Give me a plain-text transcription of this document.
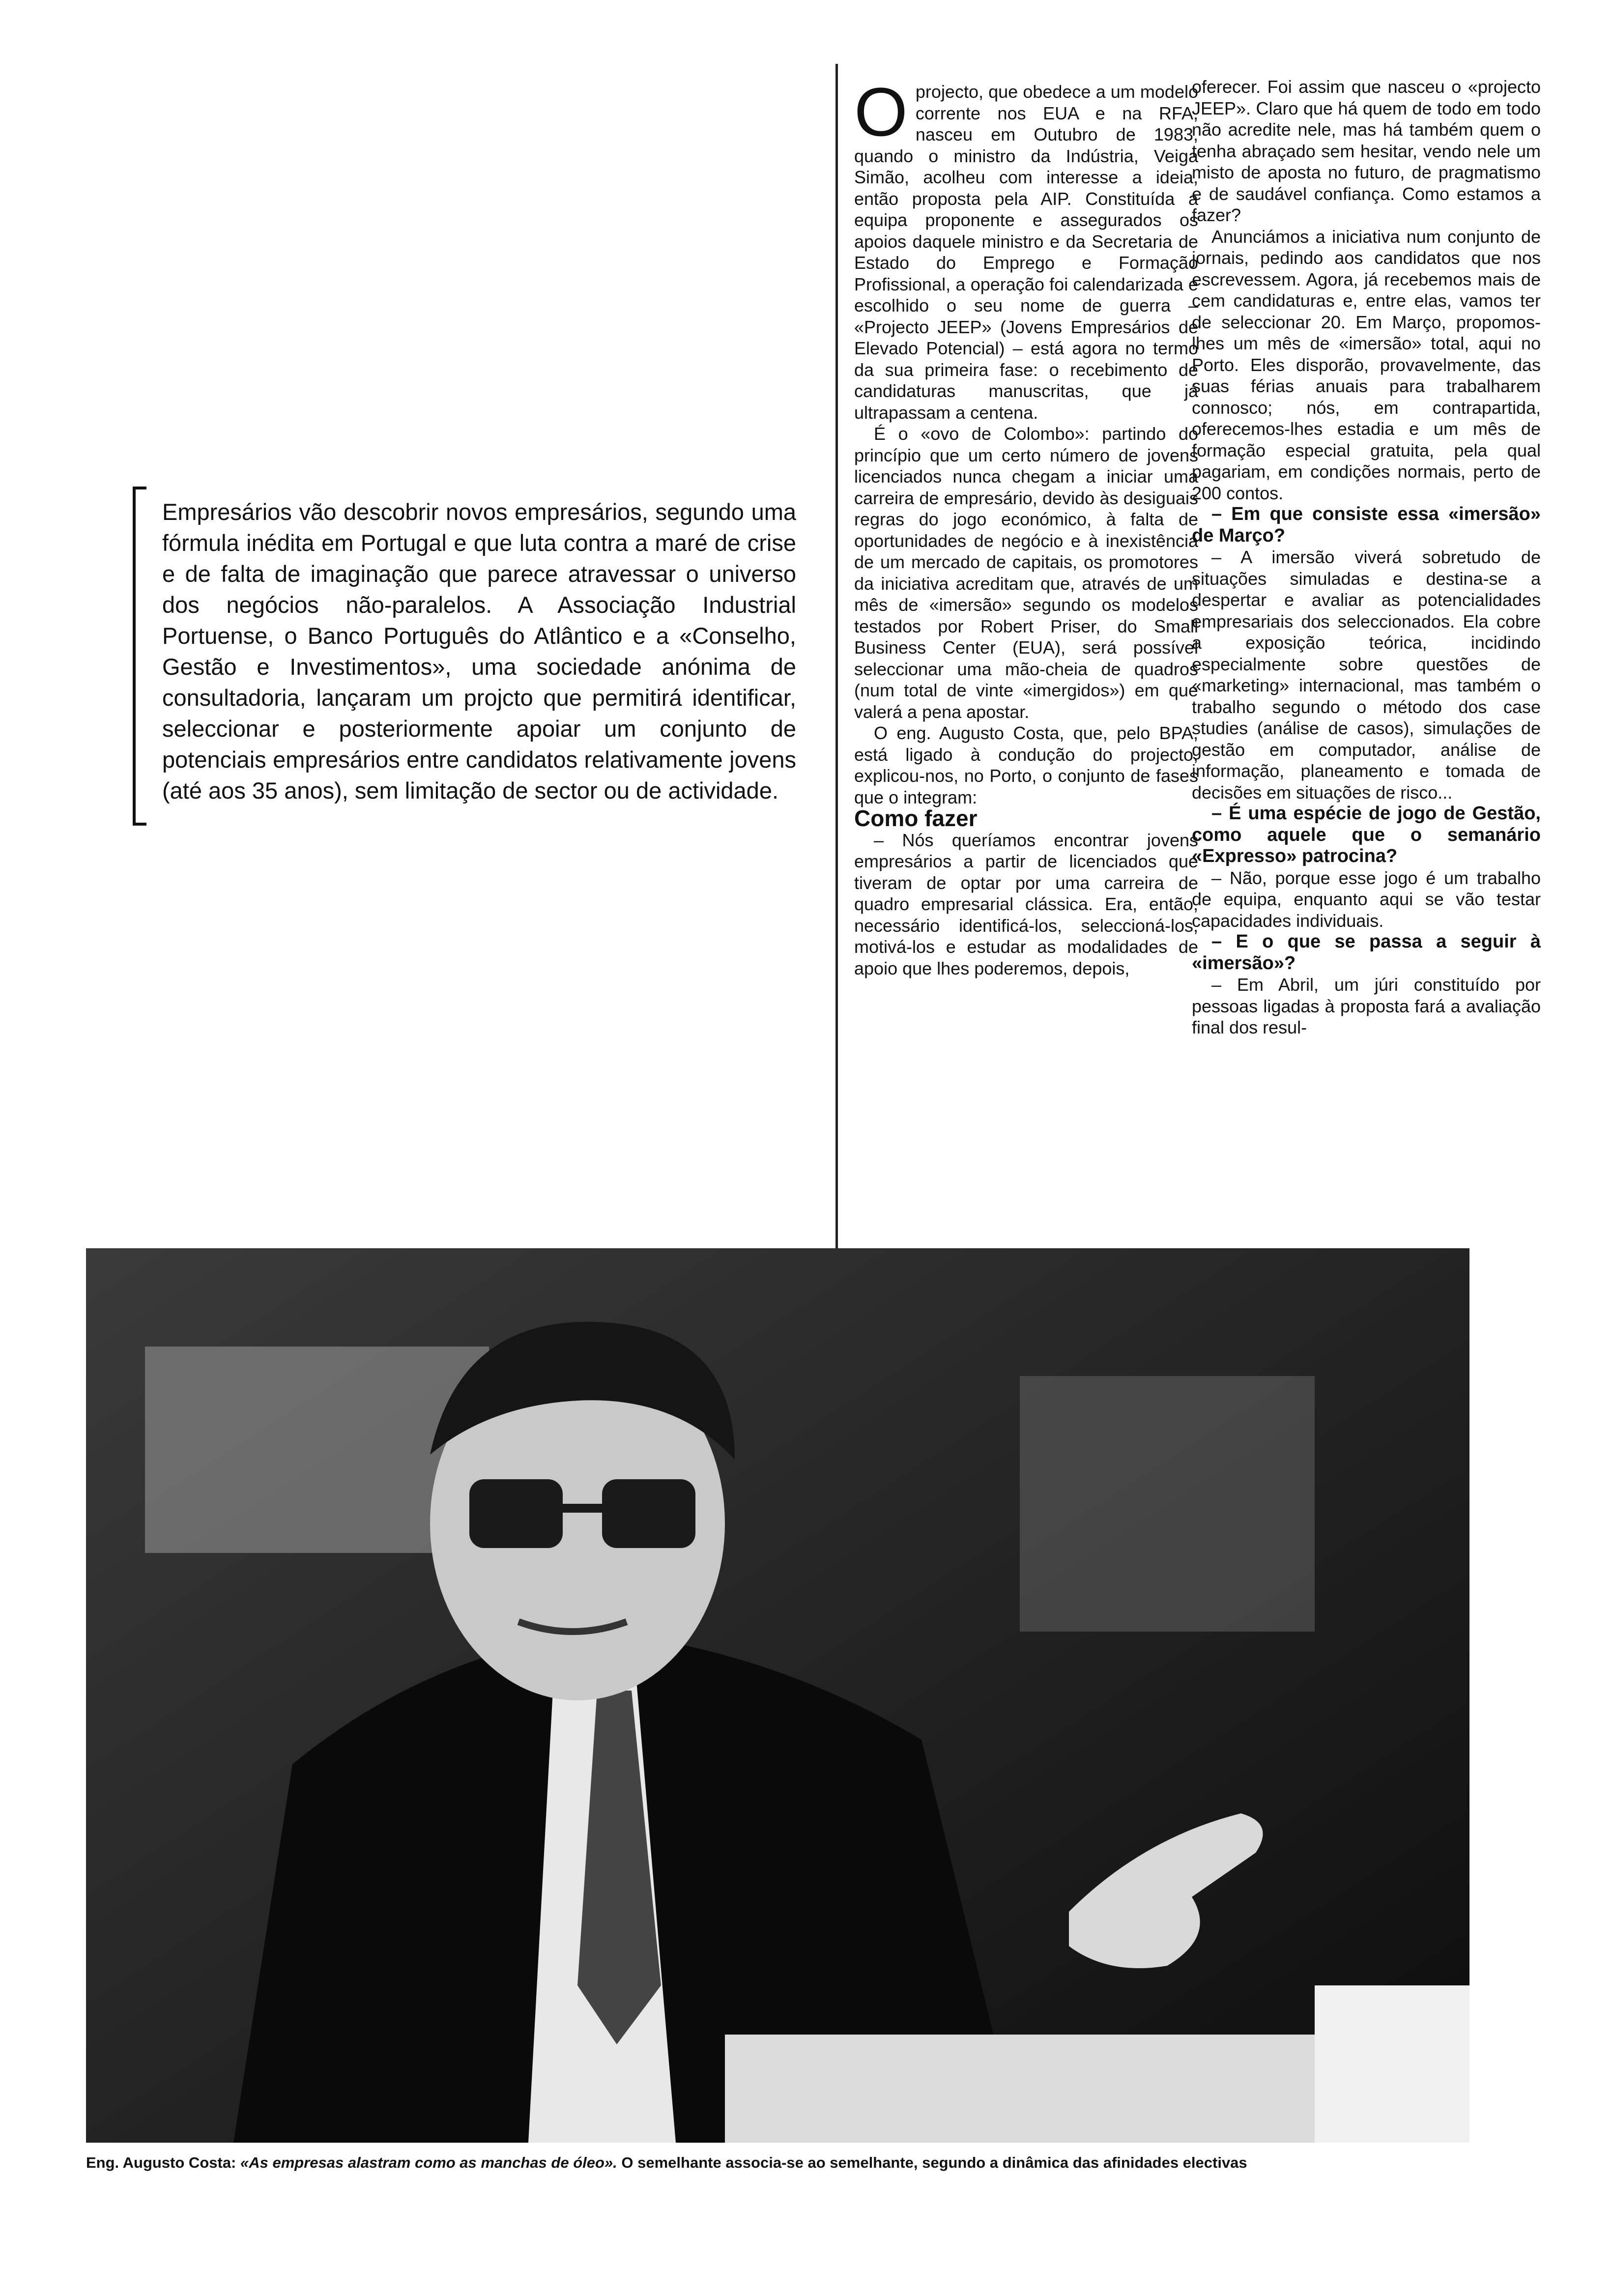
Empresários vão descobrir novos empresários, segundo uma fórmula inédita em Portugal e que luta contra a maré de crise e de falta de imaginação que parece atravessar o universo dos negócios não-paralelos. A Associação Industrial Portuense, o Banco Português do Atlântico e a «Conselho, Gestão e Investimentos», uma sociedade anónima de consultadoria, lançaram um projcto que permitirá identificar, seleccionar e posteriormente apoiar um conjunto de potenciais empresários entre candidatos relativamente jovens (até aos 35 anos), sem limitação de sector ou de actividade.

Oprojecto, que obedece a um modelo corrente nos EUA e na RFA, nasceu em Outubro de 1983, quando o ministro da Indústria, Veiga Simão, acolheu com interesse a ideia, então proposta pela AIP. Constituída a equipa proponente e assegurados os apoios daquele ministro e da Secretaria de Estado do Emprego e Formação Profissional, a operação foi calendarizada e escolhido o seu nome de guerra – «Projecto JEEP» (Jovens Empresários de Elevado Potencial) – está agora no termo da sua primeira fase: o recebimento de candidaturas manuscritas, que já ultrapassam a centena.

É o «ovo de Colombo»: partindo do princípio que um certo número de jovens licenciados nunca chegam a iniciar uma carreira de empresário, devido às desiguais regras do jogo económico, à falta de oportunidades de negócio e à inexistência de um mercado de capitais, os promotores da iniciativa acreditam que, através de um mês de «imersão» segundo os modelos testados por Robert Priser, do Small Business Center (EUA), será possível seleccionar uma mão-cheia de quadros (num total de vinte «imergidos») em que valerá a pena apostar.

O eng. Augusto Costa, que, pelo BPA, está ligado à condução do projecto, explicou-nos, no Porto, o conjunto de fases que o integram:

Como fazer

– Nós queríamos encontrar jovens empresários a partir de licenciados que tiveram de optar por uma carreira de quadro empresarial clássica. Era, então, necessário identificá-los, seleccioná-los, motivá-los e estudar as modalidades de apoio que lhes poderemos, depois,

oferecer. Foi assim que nasceu o «projecto JEEP». Claro que há quem de todo em todo não acredite nele, mas há também quem o tenha abraçado sem hesitar, vendo nele um misto de aposta no futuro, de pragmatismo e de saudável confiança. Como estamos a fazer?

Anunciámos a iniciativa num conjunto de jornais, pedindo aos candidatos que nos escrevessem. Agora, já recebemos mais de cem candidaturas e, entre elas, vamos ter de seleccionar 20. Em Março, propomos-lhes um mês de «imersão» total, aqui no Porto. Eles disporão, provavelmente, das suas férias anuais para trabalharem connosco; nós, em contrapartida, oferecemos-lhes estadia e um mês de formação especial gratuita, pela qual pagariam, em condições normais, perto de 200 contos.

– Em que consiste essa «imersão» de Março?

– A imersão viverá sobretudo de situações simuladas e destina-se a despertar e avaliar as potencialidades empresariais dos seleccionados. Ela cobre a exposição teórica, incidindo especialmente sobre questões de «marketing» internacional, mas também o trabalho segundo o método dos case studies (análise de casos), simulações de gestão em computador, análise de informação, planeamento e tomada de decisões em situações de risco...

– É uma espécie de jogo de Gestão, como aquele que o semanário «Expresso» patrocina?

– Não, porque esse jogo é um trabalho de equipa, enquanto aqui se vão testar capacidades individuais.

– E o que se passa a seguir à «imersão»?

– Em Abril, um júri constituído por pessoas ligadas à proposta fará a avaliação final dos resul-

Eng. Augusto Costa: «As empresas alastram como as manchas de óleo». O semelhante associa-se ao semelhante, segundo a dinâmica das afinidades electivas
